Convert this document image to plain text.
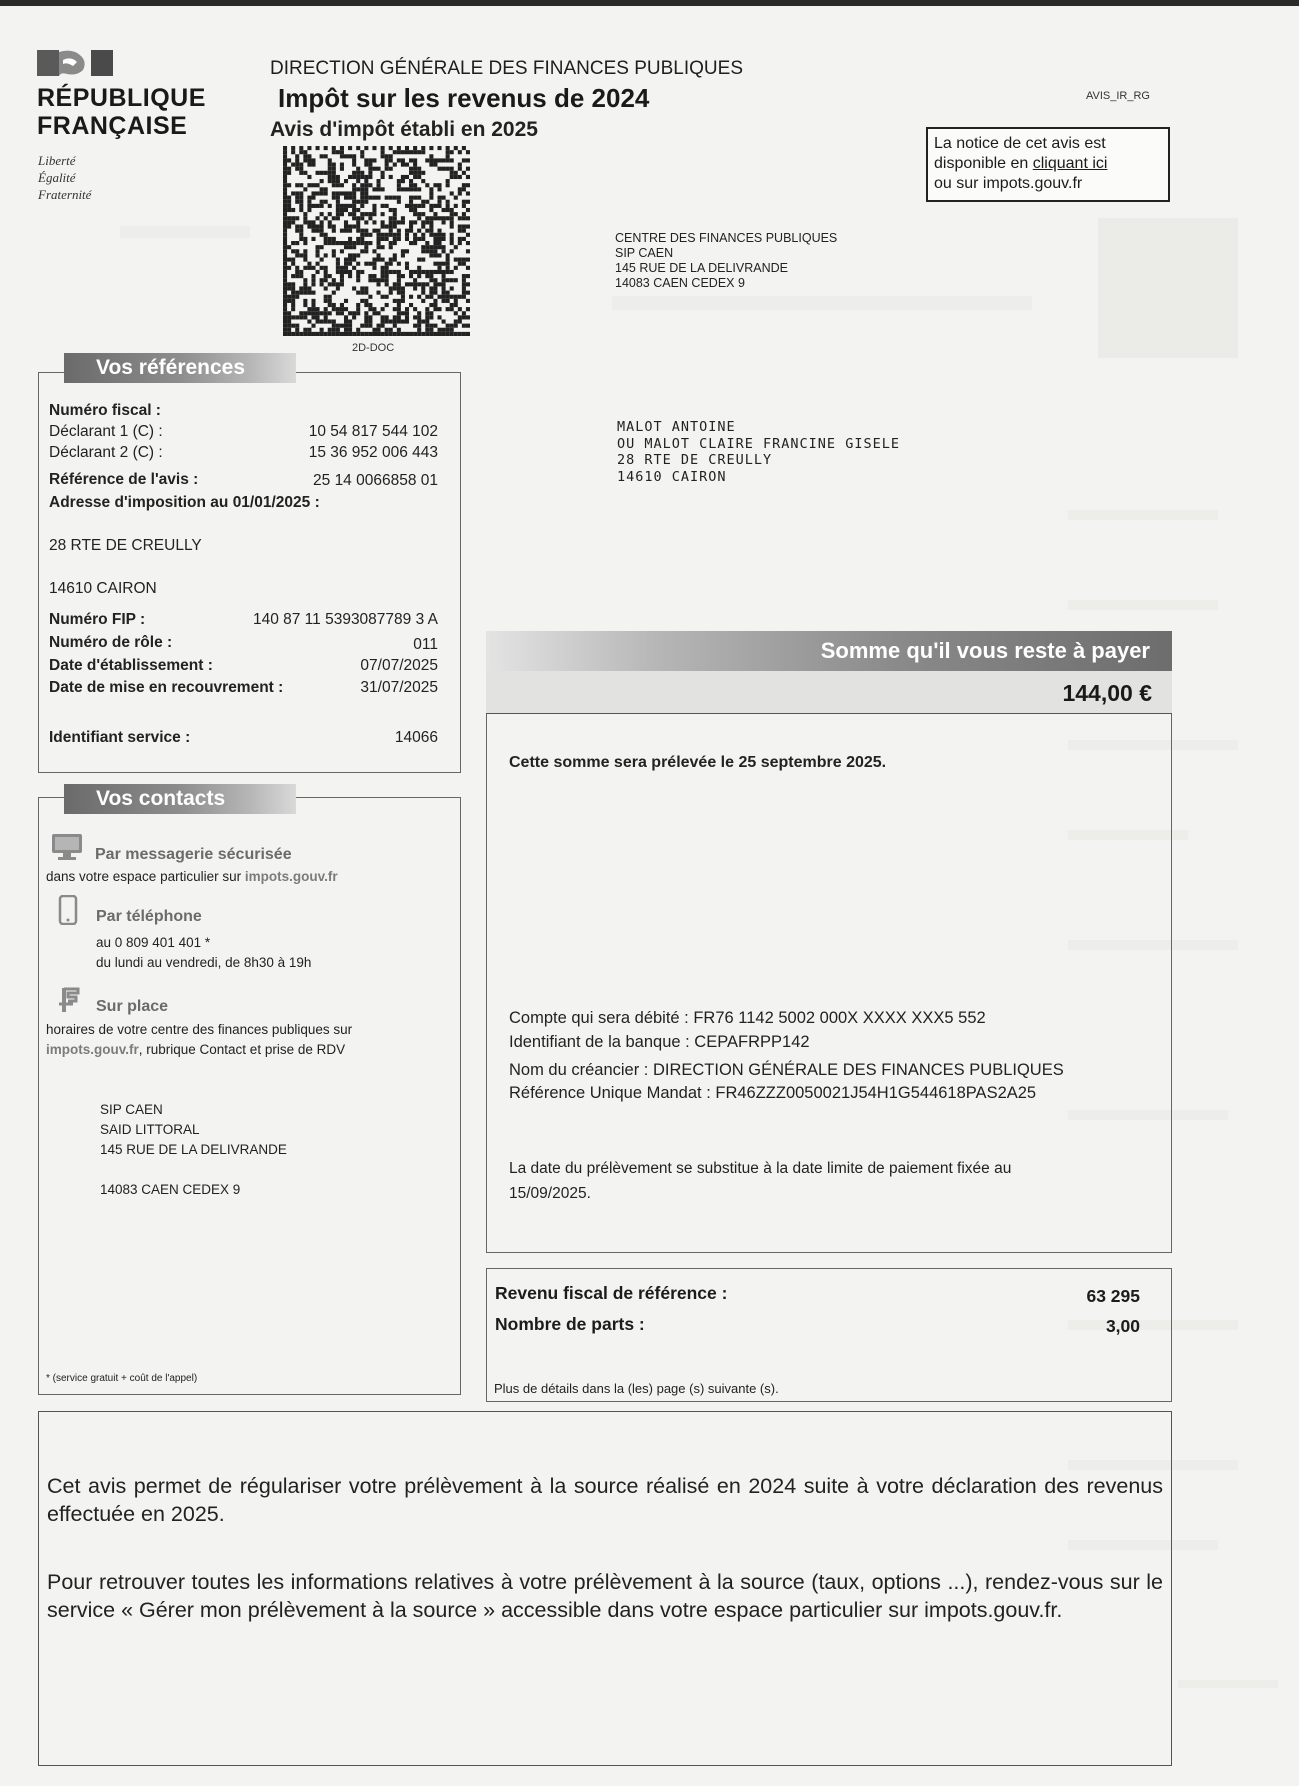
RÉPUBLIQUE
FRANÇAISE
Liberté
Égalité
Fraternité
DIRECTION GÉNÉRALE DES FINANCES PUBLIQUES
Impôt sur les revenus de 2024
Avis d'impôt établi en 2025
AVIS_IR_RG
La notice de cet avis est
disponible en cliquant ici
ou sur impots.gouv.fr
2D-DOC
CENTRE DES FINANCES PUBLIQUES
SIP CAEN
145 RUE DE LA DELIVRANDE
14083 CAEN CEDEX 9
MALOT ANTOINE
OU MALOT CLAIRE FRANCINE GISELE
28 RTE DE CREULLY
14610 CAIRON
Vos références
Numéro fiscal :
Déclarant 1 (C) :	10 54 817 544 102
Déclarant 2 (C) :	15 36 952 006 443
Référence de l'avis :	25 14 0066858 01
Adresse d'imposition au 01/01/2025 :
28 RTE DE CREULLY
14610 CAIRON
Numéro FIP :	140 87 11 5393087789 3 A
Numéro de rôle :	011
Date d'établissement :	07/07/2025
Date de mise en recouvrement :	31/07/2025
Identifiant service :	14066
Vos contacts
Par messagerie sécurisée
dans votre espace particulier sur impots.gouv.fr
Par téléphone
au 0 809 401 401 *
du lundi au vendredi, de 8h30 à 19h
Sur place
horaires de votre centre des finances publiques sur
impots.gouv.fr, rubrique Contact et prise de RDV
SIP CAEN
SAID LITTORAL
145 RUE DE LA DELIVRANDE
14083 CAEN CEDEX 9
* (service gratuit + coût de l'appel)
Somme qu'il vous reste à payer
144,00 €
Cette somme sera prélevée le 25 septembre 2025.
Compte qui sera débité : FR76 1142 5002 000X XXXX XXX5 552
Identifiant de la banque : CEPAFRPP142
Nom du créancier : DIRECTION GÉNÉRALE DES FINANCES PUBLIQUES
Référence Unique Mandat : FR46ZZZ0050021J54H1G544618PAS2A25
La date du prélèvement se substitue à la date limite de paiement fixée au
15/09/2025.
Revenu fiscal de référence :	63 295
Nombre de parts :	3,00
Plus de détails dans la (les) page (s) suivante (s).
Cet avis permet de régulariser votre prélèvement à la source réalisé en 2024 suite à votre déclaration des revenus effectuée en 2025.
Pour retrouver toutes les informations relatives à votre prélèvement à la source (taux, options ...), rendez-vous sur le service « Gérer mon prélèvement à la source » accessible dans votre espace particulier sur impots.gouv.fr.
